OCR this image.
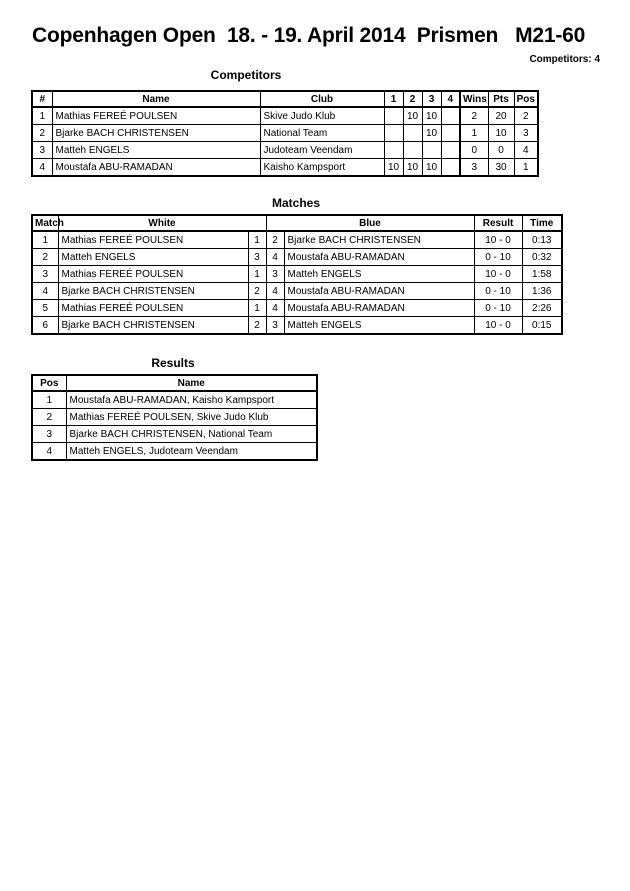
Copenhagen Open  18. - 19. April 2014  Prismen   M21-60
Competitors: 4
Competitors
#	Name	Club	1	2	3	4	Wins	Pts	Pos
1	Mathias FEREÉ POULSEN	Skive Judo Klub		10	10		2	20	2
2	Bjarke BACH CHRISTENSEN	National Team			10		1	10	3
3	Matteh ENGELS	Judoteam Veendam					0	0	4
4	Moustafa ABU-RAMADAN	Kaisho Kampsport	10	10	10		3	30	1
Matches
Match	White		Blue		Result	Time
1	Mathias FEREÉ POULSEN	1	2	Bjarke BACH CHRISTENSEN	10 - 0	0:13
2	Matteh ENGELS	3	4	Moustafa ABU-RAMADAN	0 - 10	0:32
3	Mathias FEREÉ POULSEN	1	3	Matteh ENGELS	10 - 0	1:58
4	Bjarke BACH CHRISTENSEN	2	4	Moustafa ABU-RAMADAN	0 - 10	1:36
5	Mathias FEREÉ POULSEN	1	4	Moustafa ABU-RAMADAN	0 - 10	2:26
6	Bjarke BACH CHRISTENSEN	2	3	Matteh ENGELS	10 - 0	0:15
Results
Pos	Name
1	Moustafa ABU-RAMADAN, Kaisho Kampsport
2	Mathias FEREÉ POULSEN, Skive Judo Klub
3	Bjarke BACH CHRISTENSEN, National Team
4	Matteh ENGELS, Judoteam Veendam
